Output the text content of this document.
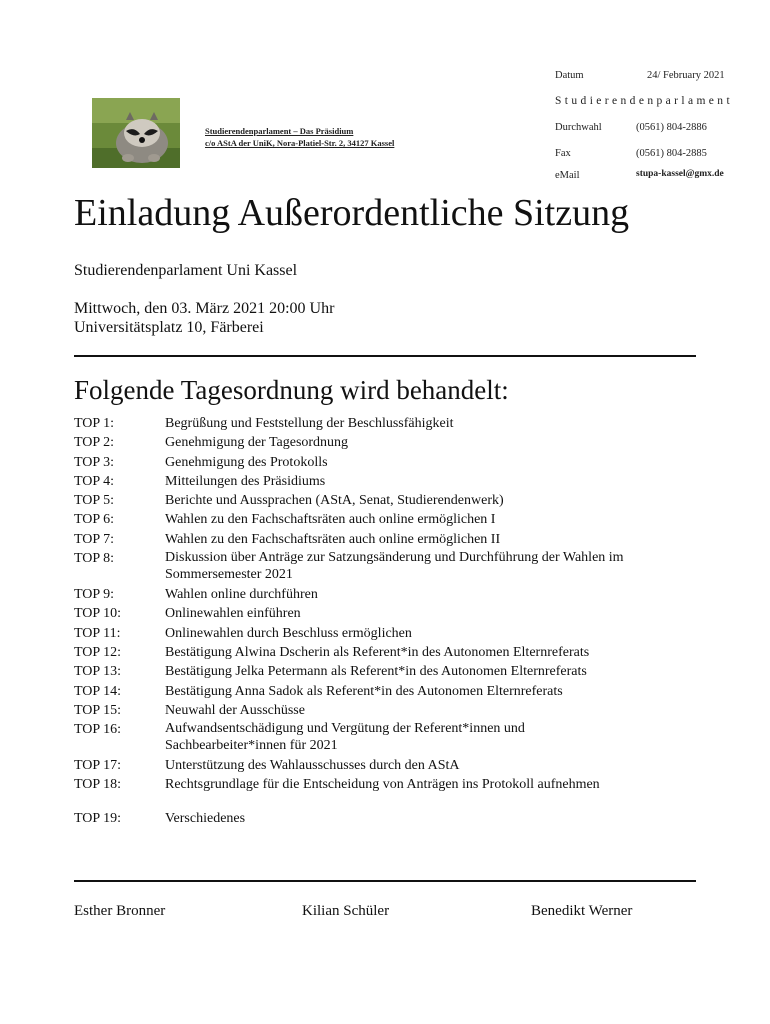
Studierendenparlament – Das Präsidium
c/o AStA der UniK, Nora-Platiel-Str. 2, 34127 Kassel
Datum	24/ February 2021
Studierendenparlament
Durchwahl	(0561) 804-2886
Fax	(0561) 804-2885
eMail	stupa-kassel@gmx.de
Einladung Außerordentliche Sitzung
Studierendenparlament Uni Kassel
Mittwoch, den 03. März 2021 20:00 Uhr
Universitätsplatz 10, Färberei
Folgende Tagesordnung wird behandelt:
TOP 1:	Begrüßung und Feststellung der Beschlussfähigkeit
TOP 2:	Genehmigung der Tagesordnung
TOP 3:	Genehmigung des Protokolls
TOP 4:	Mitteilungen des Präsidiums
TOP 5:	Berichte und Aussprachen (AStA, Senat, Studierendenwerk)
TOP 6:	Wahlen zu den Fachschaftsräten auch online ermöglichen I
TOP 7:	Wahlen zu den Fachschaftsräten auch online ermöglichen II
TOP 8:	Diskussion über Anträge zur Satzungsänderung und Durchführung der Wahlen im Sommersemester 2021
TOP 9:	Wahlen online durchführen
TOP 10:	Onlinewahlen einführen
TOP 11:	Onlinewahlen durch Beschluss ermöglichen
TOP 12:	Bestätigung Alwina Dscherin als Referent*in des Autonomen Elternreferats
TOP 13:	Bestätigung Jelka Petermann als Referent*in des Autonomen Elternreferats
TOP 14:	Bestätigung Anna Sadok als Referent*in des Autonomen Elternreferats
TOP 15:	Neuwahl der Ausschüsse
TOP 16:	Aufwandsentschädigung und Vergütung der Referent*innen und Sachbearbeiter*innen für 2021
TOP 17:	Unterstützung des Wahlausschusses durch den AStA
TOP 18:	Rechtsgrundlage für die Entscheidung von Anträgen ins Protokoll aufnehmen
TOP 19:	Verschiedenes
Esther Bronner	Kilian Schüler	Benedikt Werner
